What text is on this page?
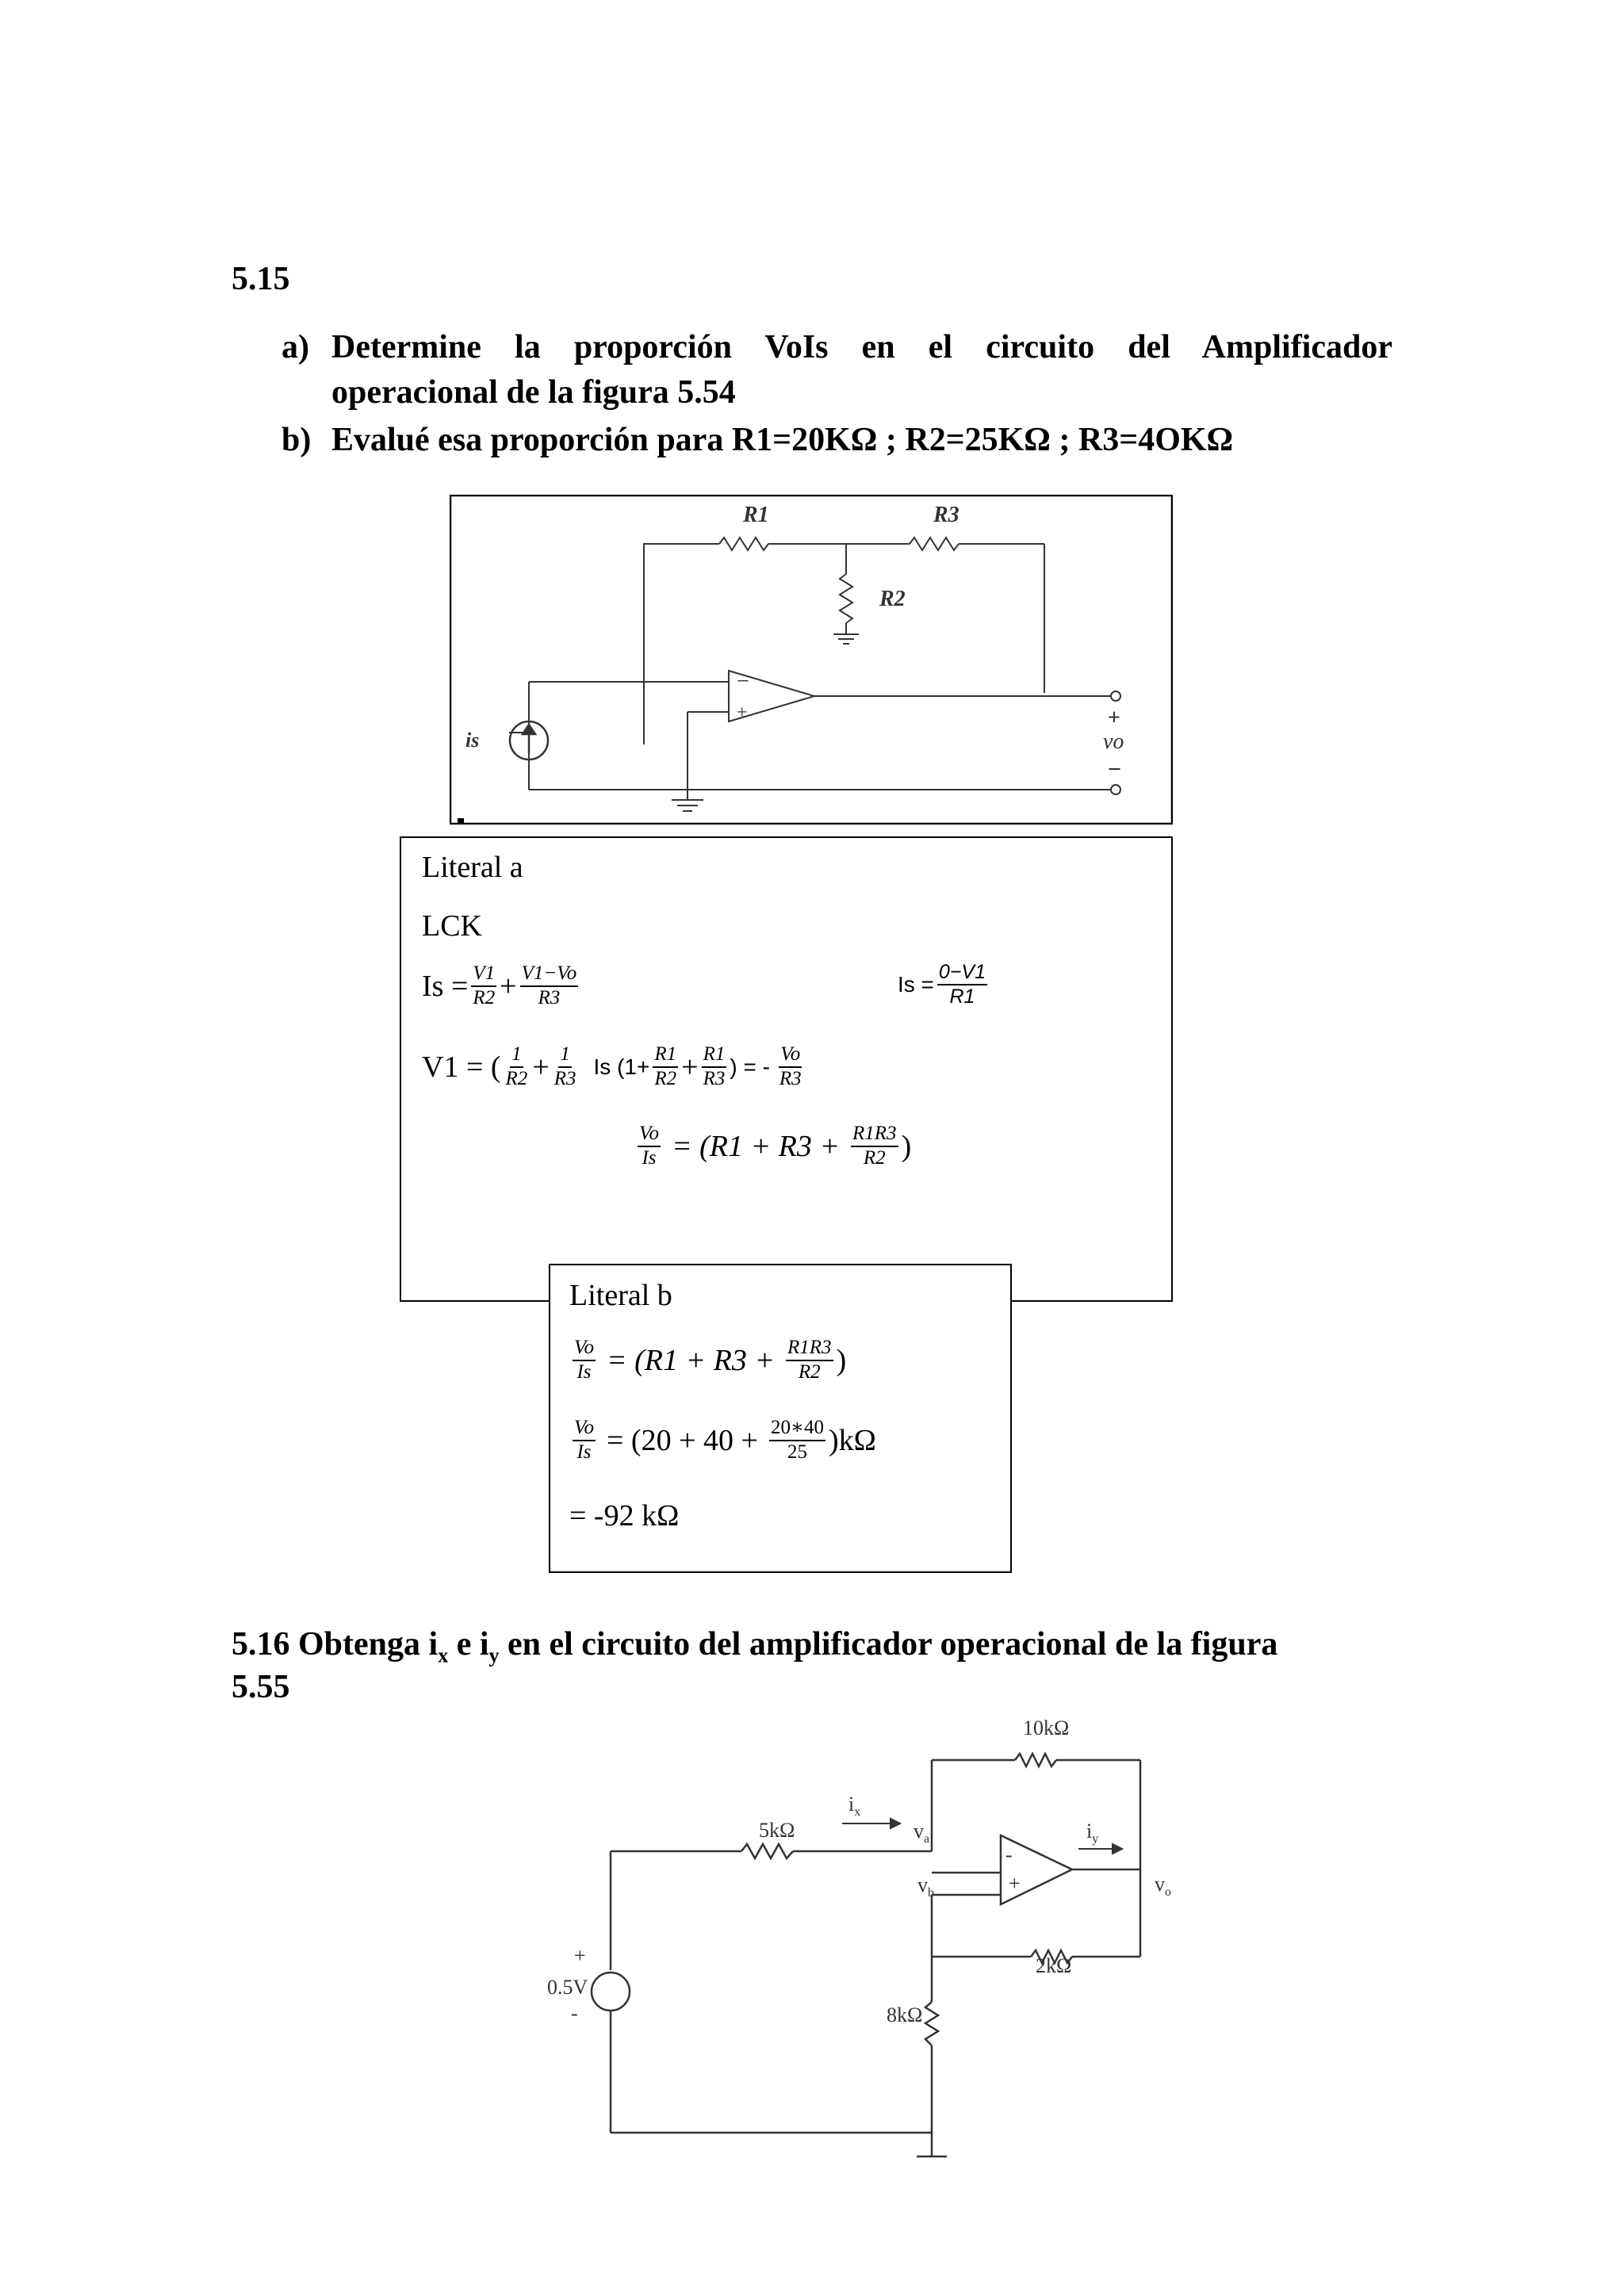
5.15
a) Determine la proporción VoIs en el circuito del Amplificador
operacional de la figura 5.54
b) Evalué esa proporción para R1=20KΩ ; R2=25KΩ ; R3=4OKΩ
R1	R3
R2
is
−
+	+
vo
−
Literal a
LCK
$Is = \frac{V1}{R2} + \frac{V1-Vo}{R3}$	$Is = \frac{0-V1}{R1}$
V1 = ( $\frac{1}{R2} + \frac{1}{R3}$ Is ($1+ \frac{R1}{R2} + \frac{R1}{R3}$ ) = - $\frac{Vo}{R3}$
$\frac{Vo}{Is} = (R1 + R3 + \frac{R1R3}{R2}$ )
Literal b
$\frac{Vo}{Is} = (R1 + R3 + \frac{R1R3}{R2}$ )
$\frac{Vo}{Is} = (20 + 40 + \frac{20∗40}{25} )k\Omega$
= -92 kΩ
5.16 Obtenga $i_x$ e $i_y$ en el circuito del amplificador operacional de la figura
5.55
10kΩ
5kΩ
2kΩ
8kΩ
$i_x$
$i_y$
$v_a$
$v_b$	$v_o$
0.5V
+
-
-
+
